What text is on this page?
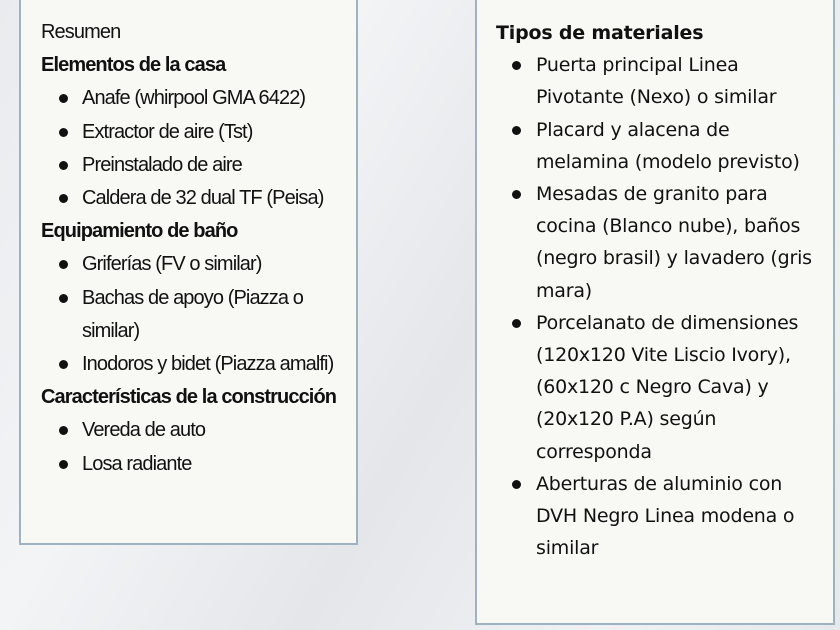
Resumen
Elementos de la casa
Anafe (whirpool GMA 6422)
Extractor de aire (Tst)
Preinstalado de aire
Caldera de 32 dual TF (Peisa)
Equipamiento de baño
Griferías (FV o similar)
Bachas de apoyo (Piazza o similar)
Inodoros y bidet (Piazza amalfi)
Características de la construcción
Vereda de auto
Losa radiante
Tipos de materiales
Puerta principal Linea Pivotante (Nexo) o similar
Placard y alacena de melamina (modelo previsto)
Mesadas de granito para cocina (Blanco nube), baños (negro brasil) y lavadero (gris mara)
Porcelanato de dimensiones (120x120 Vite Liscio Ivory), (60x120 c Negro Cava) y (20x120 P.A) según corresponda
Aberturas de aluminio con DVH Negro Linea modena o similar
